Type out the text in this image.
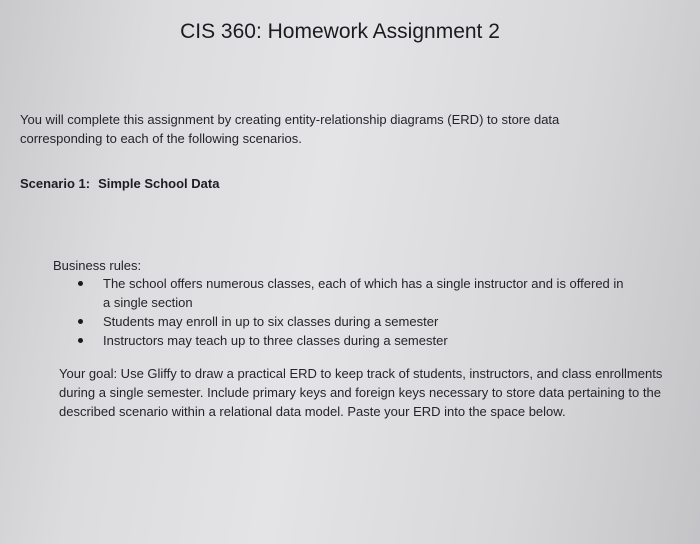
CIS 360: Homework Assignment 2
You will complete this assignment by creating entity-relationship diagrams (ERD) to store data corresponding to each of the following scenarios.
Scenario 1: Simple School Data
Business rules:
The school offers numerous classes, each of which has a single instructor and is offered in a single section
Students may enroll in up to six classes during a semester
Instructors may teach up to three classes during a semester
Your goal: Use Gliffy to draw a practical ERD to keep track of students, instructors, and class enrollments during a single semester. Include primary keys and foreign keys necessary to store data pertaining to the described scenario within a relational data model. Paste your ERD into the space below.
